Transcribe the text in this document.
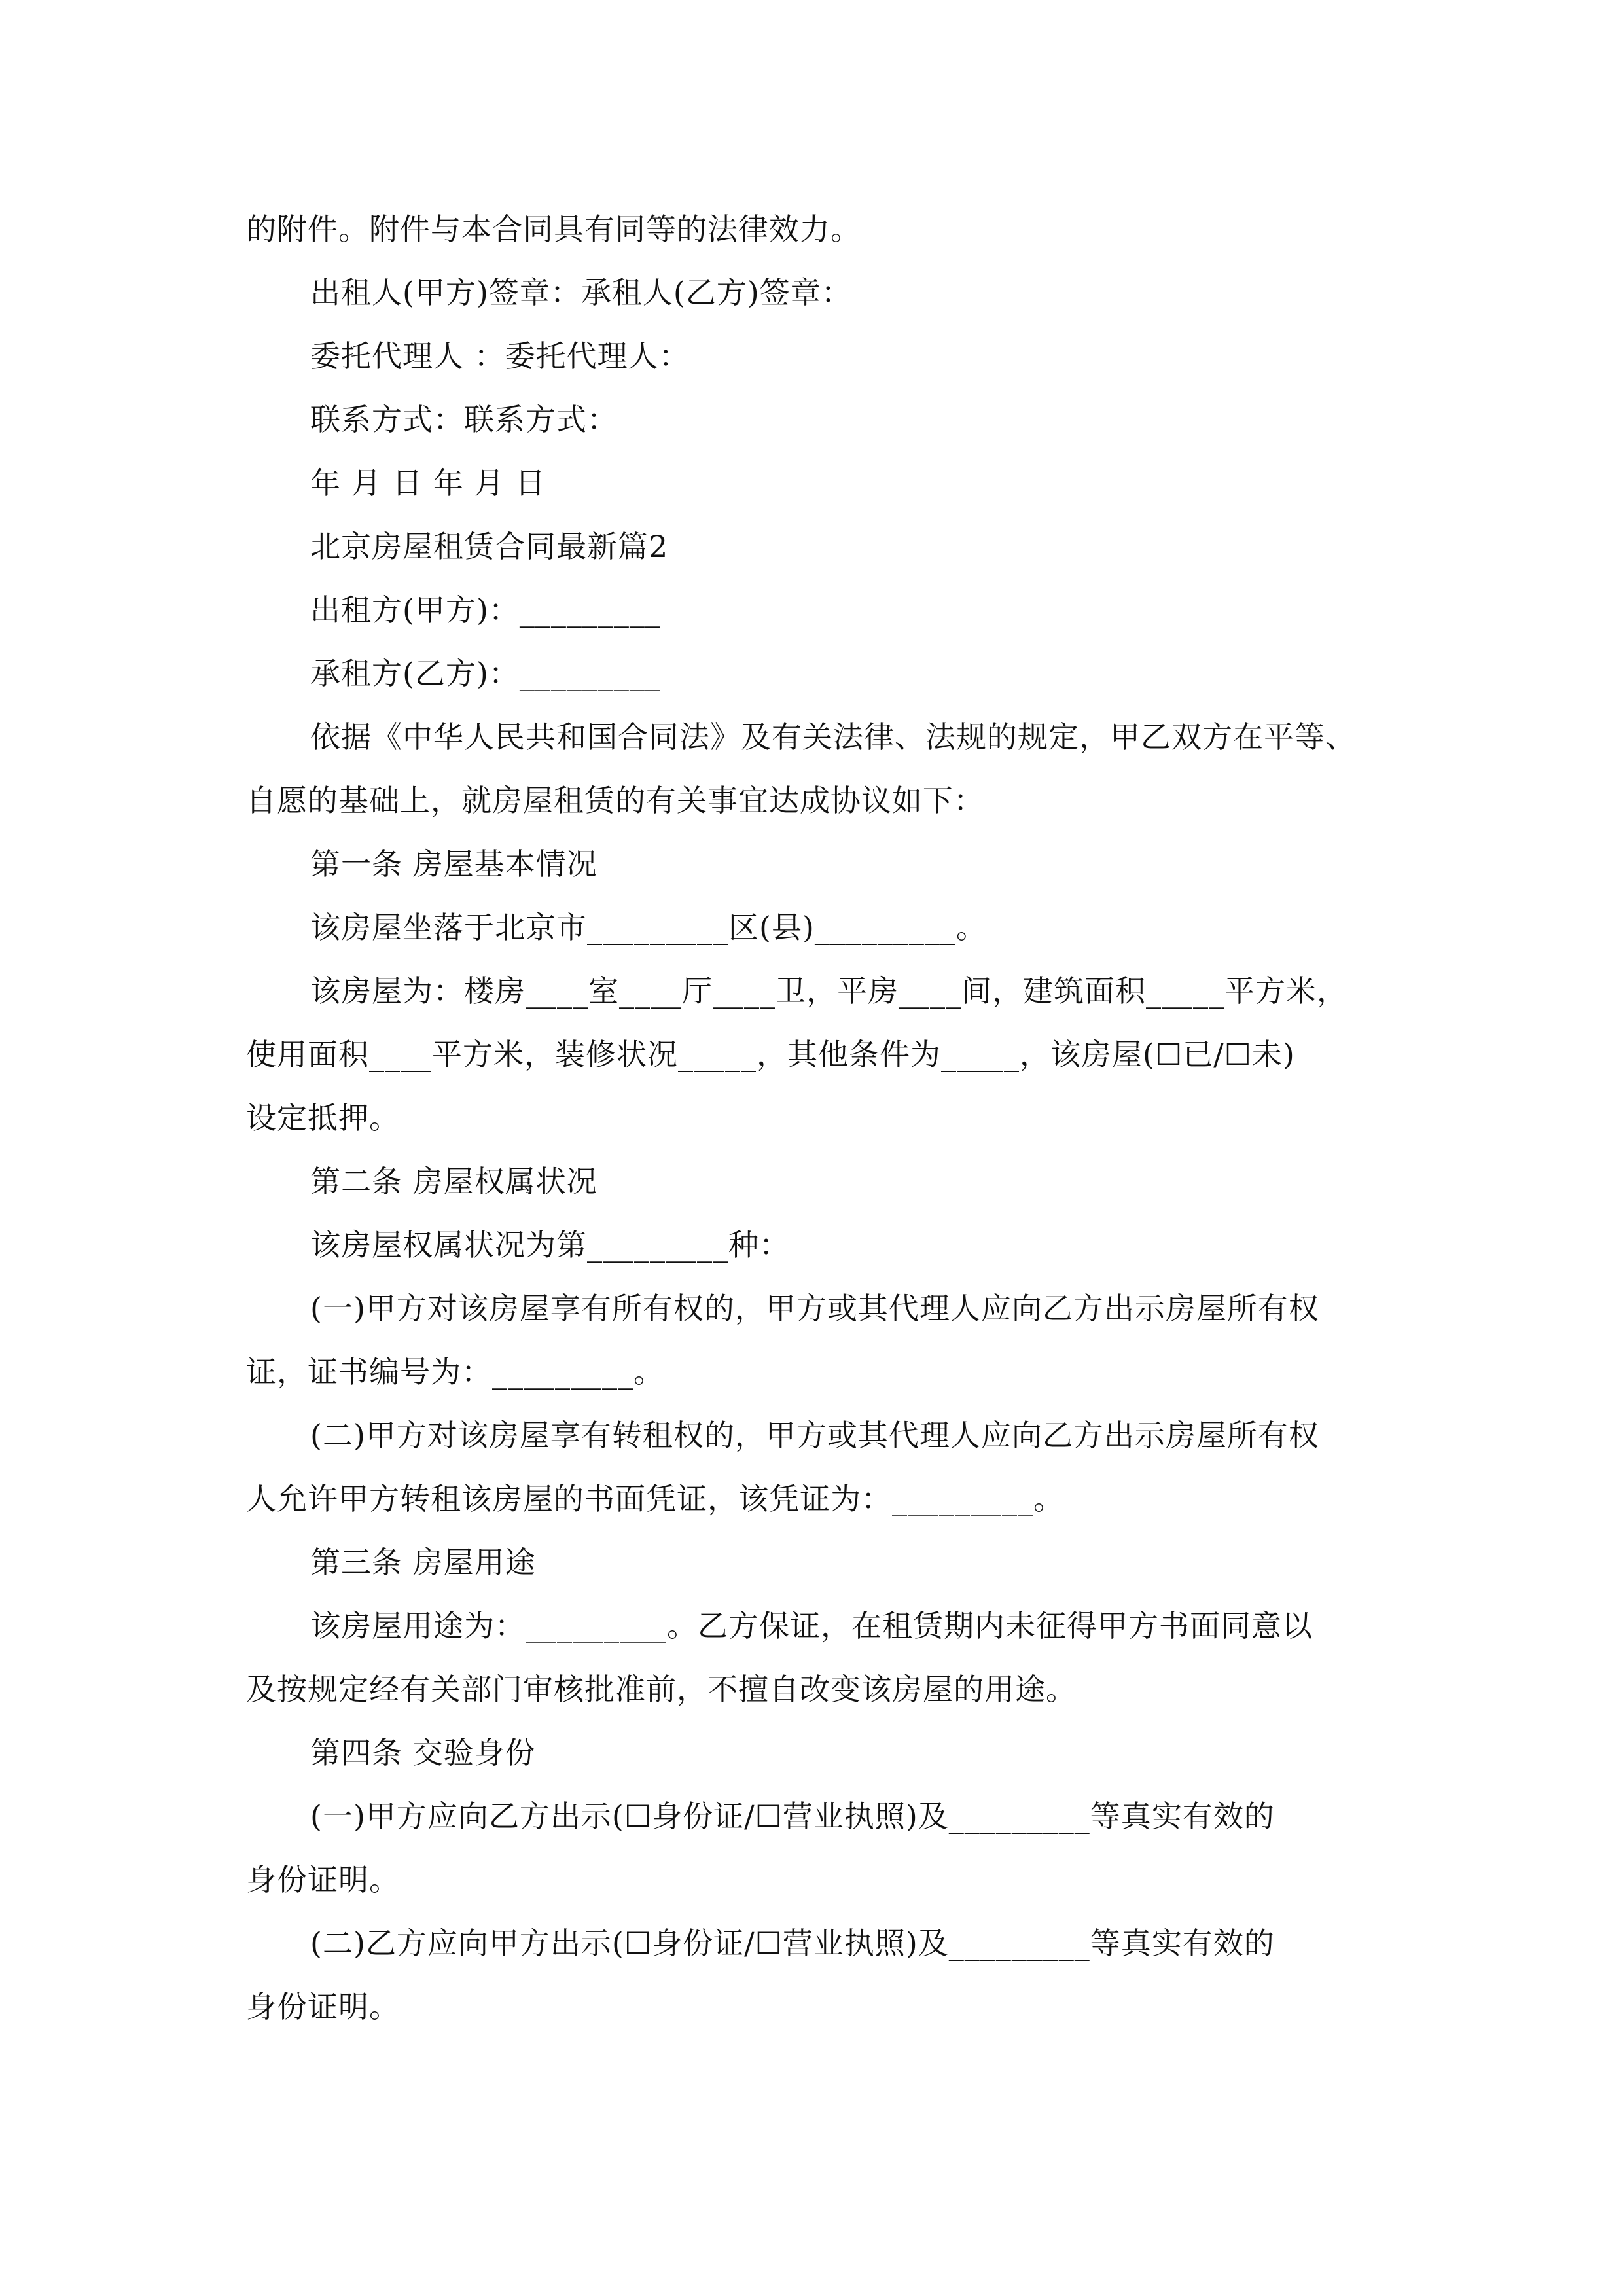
的附件。附件与本合同具有同等的法律效力。
出租人(甲方)签章：承租人(乙方)签章：
委托代理人 ：委托代理人：
联系方式：联系方式：
年 月 日 年 月 日
北京房屋租赁合同最新篇2
出租方(甲方)：_________
承租方(乙方)：_________
依据《中华人民共和国合同法》及有关法律、法规的规定，甲乙双方在平等、
自愿的基础上，就房屋租赁的有关事宜达成协议如下：
第一条 房屋基本情况
该房屋坐落于北京市_________区(县)_________。
该房屋为：楼房____室____厅____卫，平房____间，建筑面积_____平方米，
使用面积____平方米，装修状况_____，其他条件为_____，该房屋(☐已/☐未)
设定抵押。
第二条 房屋权属状况
该房屋权属状况为第_________种：
(一)甲方对该房屋享有所有权的，甲方或其代理人应向乙方出示房屋所有权
证，证书编号为：_________。
(二)甲方对该房屋享有转租权的，甲方或其代理人应向乙方出示房屋所有权
人允许甲方转租该房屋的书面凭证，该凭证为：_________。
第三条 房屋用途
该房屋用途为：_________。乙方保证，在租赁期内未征得甲方书面同意以
及按规定经有关部门审核批准前，不擅自改变该房屋的用途。
第四条 交验身份
(一)甲方应向乙方出示(☐身份证/☐营业执照)及_________等真实有效的
身份证明。
(二)乙方应向甲方出示(☐身份证/☐营业执照)及_________等真实有效的
身份证明。
